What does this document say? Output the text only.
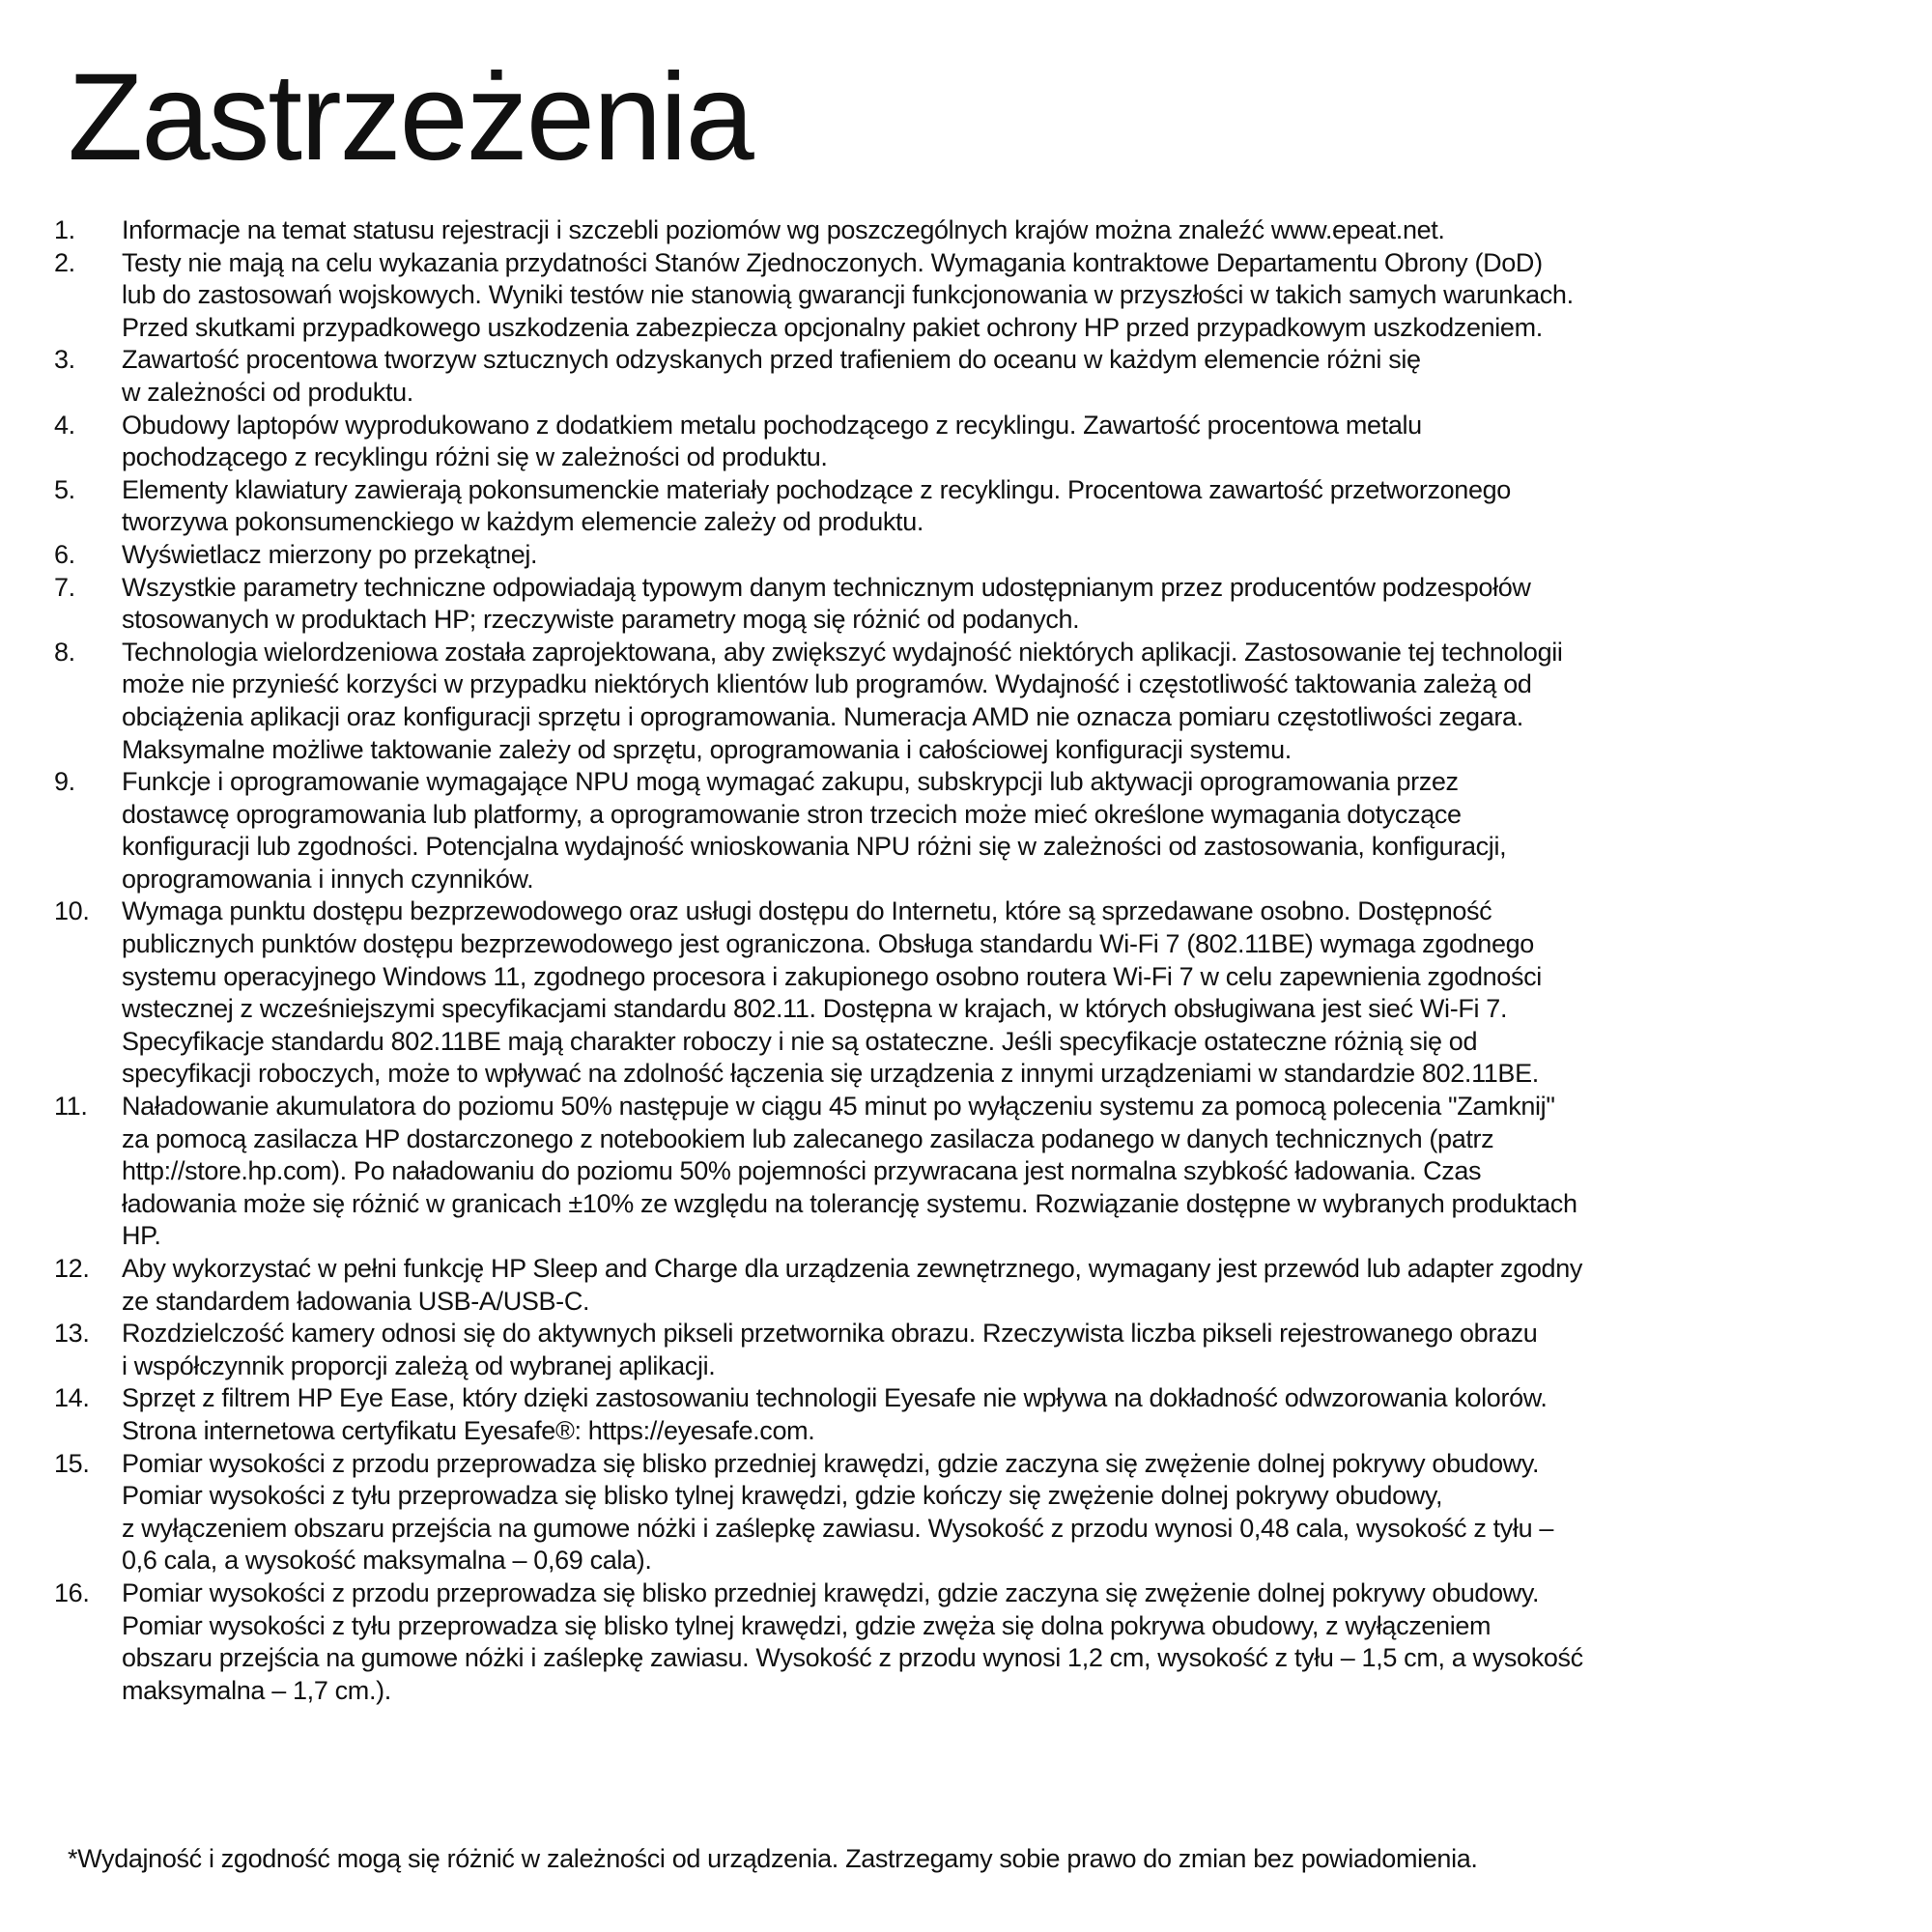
Zastrzeżenia
1.	Informacje na temat statusu rejestracji i szczebli poziomów wg poszczególnych krajów można znaleźć www.epeat.net.
2.	Testy nie mają na celu wykazania przydatności Stanów Zjednoczonych. Wymagania kontraktowe Departamentu Obrony (DoD)
lub do zastosowań wojskowych. Wyniki testów nie stanowią gwarancji funkcjonowania w przyszłości w takich samych warunkach.
Przed skutkami przypadkowego uszkodzenia zabezpiecza opcjonalny pakiet ochrony HP przed przypadkowym uszkodzeniem.
3.	Zawartość procentowa tworzyw sztucznych odzyskanych przed trafieniem do oceanu w każdym elemencie różni się
w zależności od produktu.
4.	Obudowy laptopów wyprodukowano z dodatkiem metalu pochodzącego z recyklingu. Zawartość procentowa metalu
pochodzącego z recyklingu różni się w zależności od produktu.
5.	Elementy klawiatury zawierają pokonsumenckie materiały pochodzące z recyklingu. Procentowa zawartość przetworzonego
tworzywa pokonsumenckiego w każdym elemencie zależy od produktu.
6.	Wyświetlacz mierzony po przekątnej.
7.	Wszystkie parametry techniczne odpowiadają typowym danym technicznym udostępnianym przez producentów podzespołów
stosowanych w produktach HP; rzeczywiste parametry mogą się różnić od podanych.
8.	Technologia wielordzeniowa została zaprojektowana, aby zwiększyć wydajność niektórych aplikacji. Zastosowanie tej technologii
może nie przynieść korzyści w przypadku niektórych klientów lub programów. Wydajność i częstotliwość taktowania zależą od
obciążenia aplikacji oraz konfiguracji sprzętu i oprogramowania. Numeracja AMD nie oznacza pomiaru częstotliwości zegara.
Maksymalne możliwe taktowanie zależy od sprzętu, oprogramowania i całościowej konfiguracji systemu.
9.	Funkcje i oprogramowanie wymagające NPU mogą wymagać zakupu, subskrypcji lub aktywacji oprogramowania przez
dostawcę oprogramowania lub platformy, a oprogramowanie stron trzecich może mieć określone wymagania dotyczące
konfiguracji lub zgodności. Potencjalna wydajność wnioskowania NPU różni się w zależności od zastosowania, konfiguracji,
oprogramowania i innych czynników.
10.	Wymaga punktu dostępu bezprzewodowego oraz usługi dostępu do Internetu, które są sprzedawane osobno. Dostępność
publicznych punktów dostępu bezprzewodowego jest ograniczona. Obsługa standardu Wi-Fi 7 (802.11BE) wymaga zgodnego
systemu operacyjnego Windows 11, zgodnego procesora i zakupionego osobno routera Wi-Fi 7 w celu zapewnienia zgodności
wstecznej z wcześniejszymi specyfikacjami standardu 802.11. Dostępna w krajach, w których obsługiwana jest sieć Wi-Fi 7.
Specyfikacje standardu 802.11BE mają charakter roboczy i nie są ostateczne. Jeśli specyfikacje ostateczne różnią się od
specyfikacji roboczych, może to wpływać na zdolność łączenia się urządzenia z innymi urządzeniami w standardzie 802.11BE.
11.	Naładowanie akumulatora do poziomu 50% następuje w ciągu 45 minut po wyłączeniu systemu za pomocą polecenia "Zamknij"
za pomocą zasilacza HP dostarczonego z notebookiem lub zalecanego zasilacza podanego w danych technicznych (patrz
http://store.hp.com). Po naładowaniu do poziomu 50% pojemności przywracana jest normalna szybkość ładowania. Czas
ładowania może się różnić w granicach ±10% ze względu na tolerancję systemu. Rozwiązanie dostępne w wybranych produktach
HP.
12.	Aby wykorzystać w pełni funkcję HP Sleep and Charge dla urządzenia zewnętrznego, wymagany jest przewód lub adapter zgodny
ze standardem ładowania USB-A/USB-C.
13.	Rozdzielczość kamery odnosi się do aktywnych pikseli przetwornika obrazu. Rzeczywista liczba pikseli rejestrowanego obrazu
i współczynnik proporcji zależą od wybranej aplikacji.
14.	Sprzęt z filtrem HP Eye Ease, który dzięki zastosowaniu technologii Eyesafe nie wpływa na dokładność odwzorowania kolorów.
Strona internetowa certyfikatu Eyesafe®: https://eyesafe.com.
15.	Pomiar wysokości z przodu przeprowadza się blisko przedniej krawędzi, gdzie zaczyna się zwężenie dolnej pokrywy obudowy.
Pomiar wysokości z tyłu przeprowadza się blisko tylnej krawędzi, gdzie kończy się zwężenie dolnej pokrywy obudowy,
z wyłączeniem obszaru przejścia na gumowe nóżki i zaślepkę zawiasu. Wysokość z przodu wynosi 0,48 cala, wysokość z tyłu –
0,6 cala, a wysokość maksymalna – 0,69 cala).
16.	Pomiar wysokości z przodu przeprowadza się blisko przedniej krawędzi, gdzie zaczyna się zwężenie dolnej pokrywy obudowy.
Pomiar wysokości z tyłu przeprowadza się blisko tylnej krawędzi, gdzie zwęża się dolna pokrywa obudowy, z wyłączeniem
obszaru przejścia na gumowe nóżki i zaślepkę zawiasu. Wysokość z przodu wynosi 1,2 cm, wysokość z tyłu – 1,5 cm, a wysokość
maksymalna – 1,7 cm.).

*Wydajność i zgodność mogą się różnić w zależności od urządzenia. Zastrzegamy sobie prawo do zmian bez powiadomienia.
